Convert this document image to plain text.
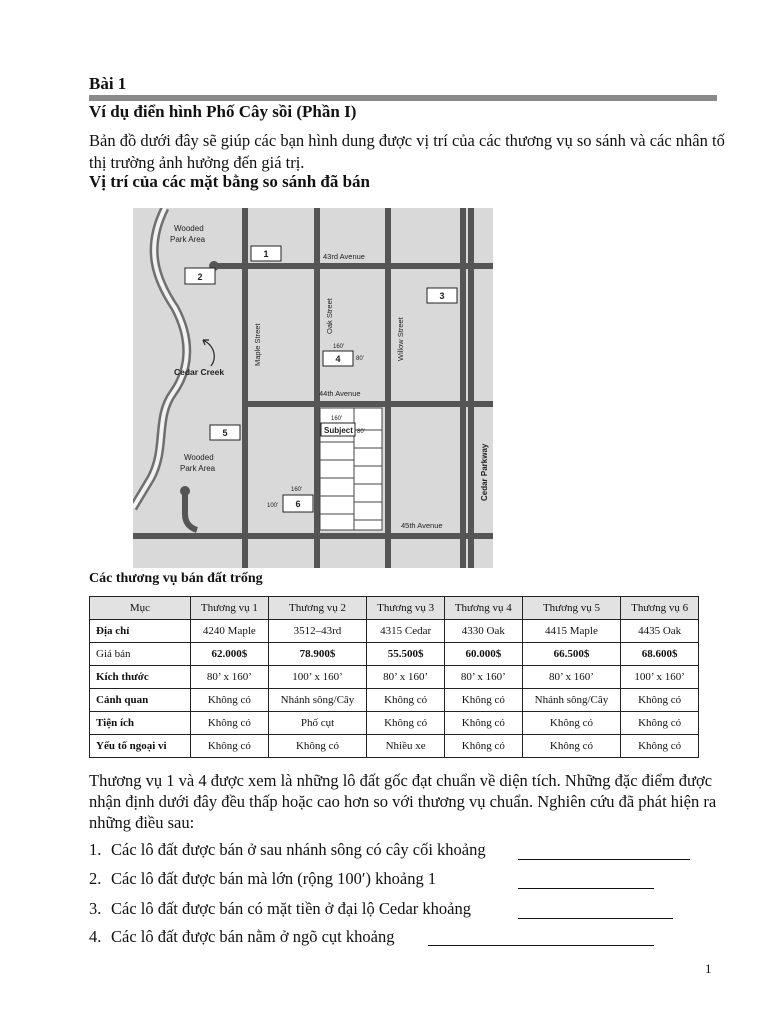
Bài 1
Ví dụ điển hình Phố Cây sồi (Phần I)
Bản đồ dưới đây sẽ giúp các bạn hình dung được vị trí của các thương vụ so sánh và các nhân tố thị trường ảnh hưởng đến giá trị.
Vị trí của các mặt bằng so sánh đã bán
Subject
160'
80'
Wooded
Park Area
Wooded
Park Area
Cedar Creek
43rd Avenue
44th Avenue
45th Avenue
Maple Street
Oak Street
Willow Street
Cedar Parkway
160'
80'
160'
100'
1
2
3
4
5
6
Các thương vụ bán đất trống
Mục	Thương vụ 1	Thương vụ 2	Thương vụ 3	Thương vụ 4	Thương vụ 5	Thương vụ 6
Địa chỉ	4240 Maple	3512–43rd	4315 Cedar	4330 Oak	4415 Maple	4435 Oak
Giá bán	62.000$	78.900$	55.500$	60.000$	66.500$	68.600$
Kích thước	80’ x 160’	100’ x 160’	80’ x 160’	80’ x 160’	80’ x 160’	100’ x 160’
Cảnh quan	Không có	Nhánh sông/Cây	Không có	Không có	Nhánh sông/Cây	Không có
Tiện ích	Không có	Phố cụt	Không có	Không có	Không có	Không có
Yếu tố ngoại vi	Không có	Không có	Nhiều xe	Không có	Không có	Không có
Thương vụ 1 và 4 được xem là những lô đất gốc đạt chuẩn về diện tích. Những đặc điểm được nhận định dưới đây đều thấp hoặc cao hơn so với thương vụ chuẩn. Nghiên cứu đã phát hiện ra những điều sau:
1. Các lô đất được bán ở sau nhánh sông có cây cối khoảng
2. Các lô đất được bán mà lớn (rộng 100′) khoảng 1
3. Các lô đất được bán có mặt tiền ở đại lộ Cedar khoảng
4. Các lô đất được bán nằm ở ngõ cụt khoảng
1
